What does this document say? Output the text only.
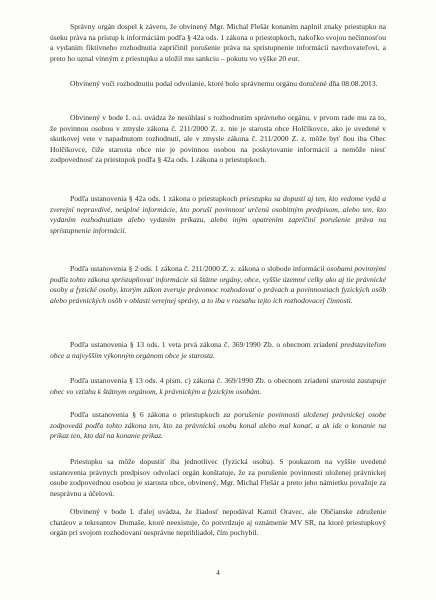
Správny orgán dospel k záveru, že obvinený Mgr. Michal Flešár konaním naplnil znaky priestupku na úseku práva na prístup k informáciám podľa § 42a ods. 1 zákona o priestupkoch, nakoľko svojou nečinnosťou a vydaním fiktívneho rozhodnutia zapríčinil porušenie práva na sprístupnenie informácií navrhovateľovi, a preto ho uznal vinným z priestupku a uložil mu sankciu – pokutu vo výške 20 eur.

Obvinený voči rozhodnutiu podal odvolanie, ktoré bolo správnemu orgánu doručené dňa 08.08.2013.

Obvinený v bode I. o.i. uvádza že nesúhlasí s rozhodnutím správneho orgánu, v prvom rade mu za to, že povinnou osobou v zmysle zákona č. 211/2000 Z. z. nie je starosta obce Holčíkovce, ako je uvedené v skutkovej vete v napadnutom rozhodnutí, ale v zmysle zákona č. 211/2000 Z. z. môže byť ňou iba Obec Holčíkovce, čiže starosta obce nie je povinnou osobou na poskytovanie informácií a nemôže niesť zodpovednosť za priestupok podľa § 42a ods. 1 zákona o priestupkoch.

Podľa ustanovenia § 42a ods. 1 zákona o priestupkoch priestupku sa dopustí aj ten, kto vedome vydá a zverejní nepravdivé, neúplné informácie, kto poruší povinnosť určenú osobitným predpisom, alebo ten, kto vydaním rozhodnutiam alebo vydaním príkazu, alebo iným opatrením zapríčiní porušenie práva na sprístupnenie informácií.

Podľa ustanovenia § 2 ods. 1 zákona č. 211/2000 Z. z. zákona o slobode informácií osobami povinnými podľa tohto zákona sprístupňovať informácie sú štátne orgány, obce, vyššie územné celky ako aj tie právnické osoby a fyzické osoby, ktorým zákon zveruje právomoc rozhodovať o právach a povinnostiach fyzických osôb alebo právnických osôb v oblasti verejnej správy, a to iba v rozsahu tejto ich rozhodovacej činnosti.

Podľa ustanovenia § 13 ods. 1 veta prvá zákona č. 369/1990 Zb. o obecnom zriadení predstaviteľom obce a najvyšším výkonným orgánom obce je starosta.

Podľa ustanovenia § 13 ods. 4 písm. c) zákona č. 369/1990 Zb. o obecnom zriadení starosta zastupuje obec vo vzťahu k štátnym orgánom, k právnickým a fyzickým osobám.

Podľa ustanovenia § 6 zákona o priestupkoch za porušenie povinnosti uloženej právnickej osobe zodpovedá podľa tohto zákona ten, kto za právnickú osobu konal alebo mal konať, a ak ide o konanie na príkaz ten, kto dal na konanie príkaz.

Priestupku sa môže dopustiť iba jednotlivec (fyzická osoba). S poukazom na vyššie uvedené ustanovenia právnych predpisov odvolací orgán konštatuje, že za porušenie povinnosti uloženej právnickej osobe zodpovednou osobou je starosta obce, obvinený, Mgr. Michal Flešár a preto jeho námietku považuje za nesprávnu a účelovú.

Obvinený v bode I. ďalej uvádza, že žiadosť nepodával Kamil Oravec, ale Občianske združenie chatárov a tekreantov Domaše, ktoré neexistuje, čo potvrdzuje aj oznámenie MV SR, na ktoré priestupkový orgán pri svojom rozhodovaní nesprávne neprihliadol, čím pochybil.

4
